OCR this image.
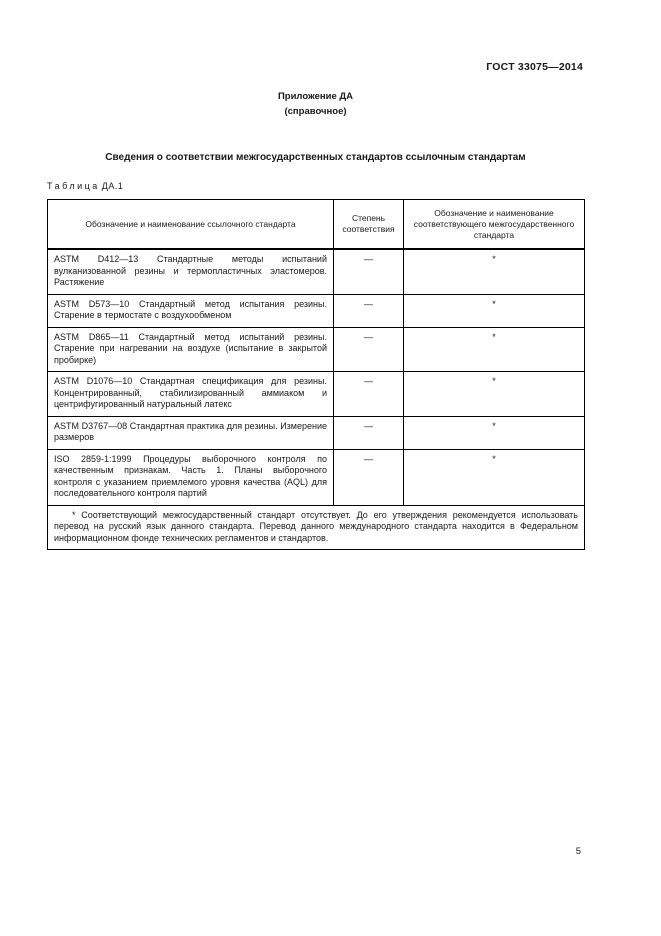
ГОСТ 33075—2014
Приложение ДА
(справочное)
Сведения о соответствии межгосударственных стандартов ссылочным стандартам
Таблица ДА.1
Обозначение и наименование ссылочного стандарта	Степень соответствия	Обозначение и наименование соответствующего межгосударственного стандарта
ASTM D412—13 Стандартные методы испытаний вулканизованной резины и термопластичных эластомеров. Растяжение	—	*
ASTM D573—10 Стандартный метод испытания резины. Старение в термостате с воздухообменом	—	*
ASTM D865—11 Стандартный метод испытаний резины. Старение при нагревании на воздухе (испытание в закрытой пробирке)	—	*
ASTM D1076—10 Стандартная спецификация для резины. Концентрированный, стабилизированный аммиаком и центрифугированный натуральный латекс	—	*
ASTM D3767—08 Стандартная практика для резины. Измерение размеров	—	*
ISO 2859-1:1999 Процедуры выборочного контроля по качественным признакам. Часть 1. Планы выборочного контроля с указанием приемлемого уровня качества (AQL) для последовательного контроля партий	—	*

* Соответствующий межгосударственный стандарт отсутствует. До его утверждения рекомендуется использовать перевод на русский язык данного стандарта. Перевод данного международного стандарта находится в Федеральном информационном фонде технических регламентов и стандартов.		
5
